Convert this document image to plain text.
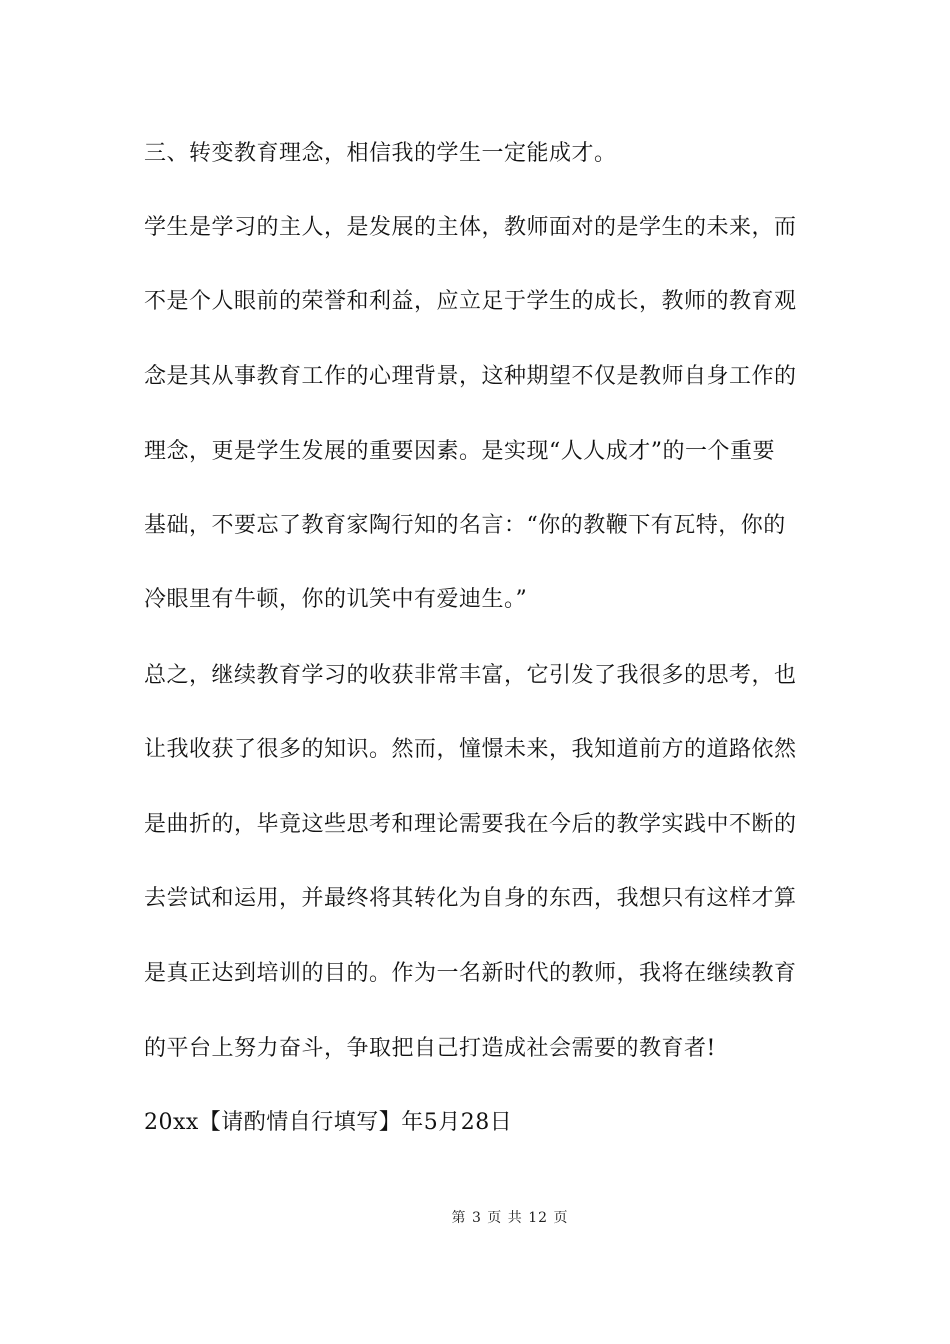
三、转变教育理念，相信我的学生一定能成才。
学生是学习的主人，是发展的主体，教师面对的是学生的未来，而
不是个人眼前的荣誉和利益，应立足于学生的成长，教师的教育观
念是其从事教育工作的心理背景，这种期望不仅是教师自身工作的
理念，更是学生发展的重要因素。是实现“人人成才”的一个重要
基础，不要忘了教育家陶行知的名言：“你的教鞭下有瓦特，你的
冷眼里有牛顿，你的讥笑中有爱迪生。”
总之，继续教育学习的收获非常丰富，它引发了我很多的思考，也
让我收获了很多的知识。然而，憧憬未来，我知道前方的道路依然
是曲折的，毕竟这些思考和理论需要我在今后的教学实践中不断的
去尝试和运用，并最终将其转化为自身的东西，我想只有这样才算
是真正达到培训的目的。作为一名新时代的教师，我将在继续教育
的平台上努力奋斗，争取把自己打造成社会需要的教育者!
20xx【请酌情自行填写】年5月28日
第 3 页 共 12 页
